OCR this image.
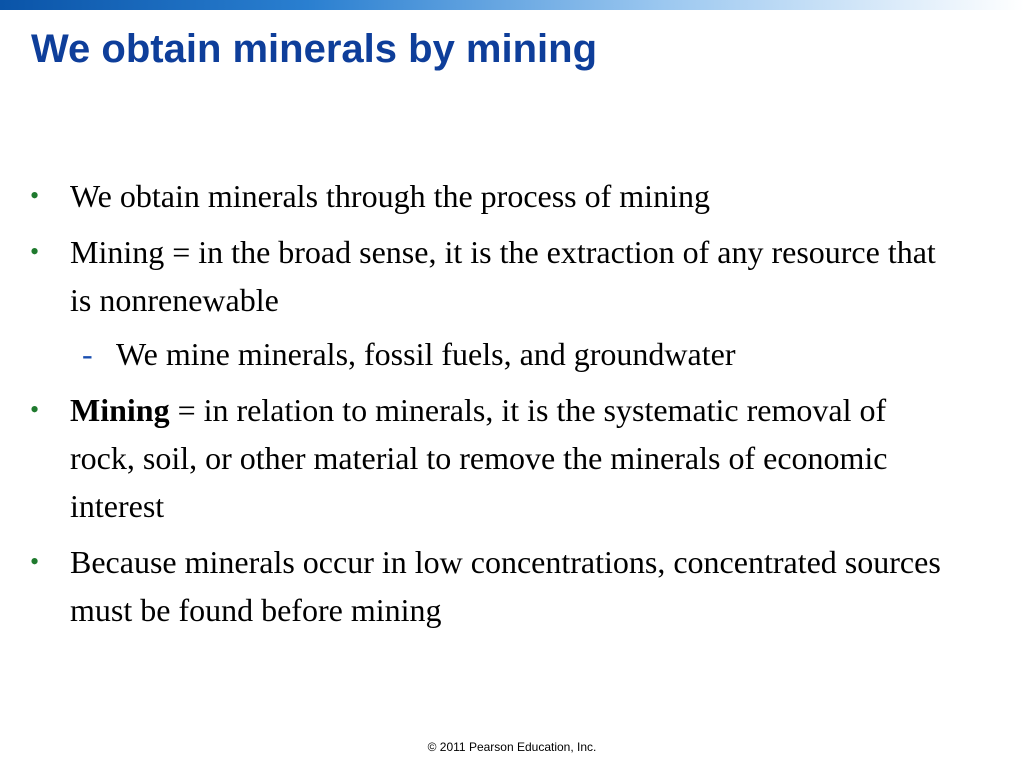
We obtain minerals by mining
• We obtain minerals through the process of mining
• Mining = in the broad sense, it is the extraction of any resource that is nonrenewable
- We mine minerals, fossil fuels, and groundwater
• Mining = in relation to minerals, it is the systematic removal of rock, soil, or other material to remove the minerals of economic interest
• Because minerals occur in low concentrations, concentrated sources must be found before mining
© 2011 Pearson Education, Inc.
